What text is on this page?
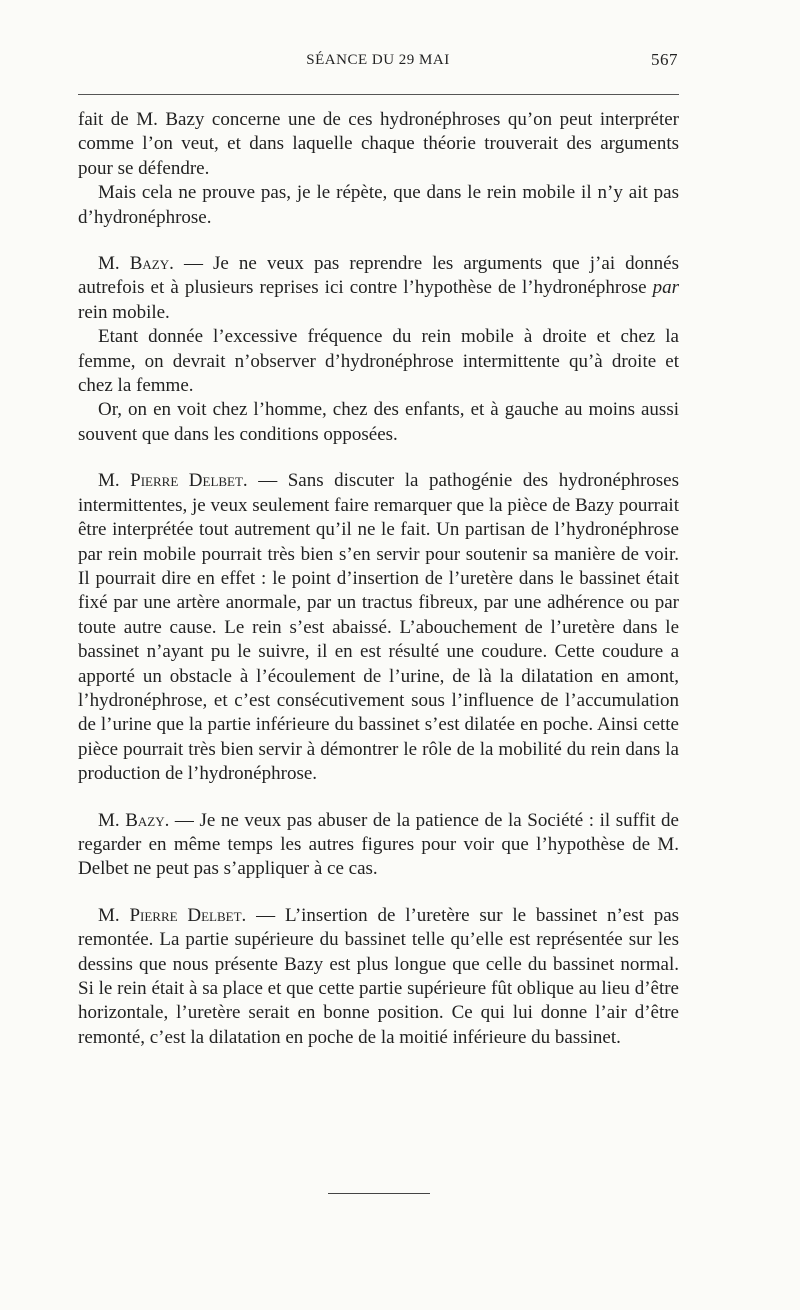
SÉANCE DU 29 MAI	567

fait de M. Bazy concerne une de ces hydronéphroses qu’on peut interpréter comme l’on veut, et dans laquelle chaque théorie trouverait des arguments pour se défendre.

Mais cela ne prouve pas, je le répète, que dans le rein mobile il n’y ait pas d’hydronéphrose.

M. Bazy. — Je ne veux pas reprendre les arguments que j’ai donnés autrefois et à plusieurs reprises ici contre l’hypothèse de l’hydronéphrose par rein mobile.

Etant donnée l’excessive fréquence du rein mobile à droite et chez la femme, on devrait n’observer d’hydronéphrose intermittente qu’à droite et chez la femme.

Or, on en voit chez l’homme, chez des enfants, et à gauche au moins aussi souvent que dans les conditions opposées.

M. Pierre Delbet. — Sans discuter la pathogénie des hydronéphroses intermittentes, je veux seulement faire remarquer que la pièce de Bazy pourrait être interprétée tout autrement qu’il ne le fait. Un partisan de l’hydronéphrose par rein mobile pourrait très bien s’en servir pour soutenir sa manière de voir. Il pourrait dire en effet : le point d’insertion de l’uretère dans le bassinet était fixé par une artère anormale, par un tractus fibreux, par une adhérence ou par toute autre cause. Le rein s’est abaissé. L’abouchement de l’uretère dans le bassinet n’ayant pu le suivre, il en est résulté une coudure. Cette coudure a apporté un obstacle à l’écoulement de l’urine, de là la dilatation en amont, l’hydronéphrose, et c’est consécutivement sous l’influence de l’accumulation de l’urine que la partie inférieure du bassinet s’est dilatée en poche. Ainsi cette pièce pourrait très bien servir à démontrer le rôle de la mobilité du rein dans la production de l’hydronéphrose.

M. Bazy. — Je ne veux pas abuser de la patience de la Société : il suffit de regarder en même temps les autres figures pour voir que l’hypothèse de M. Delbet ne peut pas s’appliquer à ce cas.

M. Pierre Delbet. — L’insertion de l’uretère sur le bassinet n’est pas remontée. La partie supérieure du bassinet telle qu’elle est représentée sur les dessins que nous présente Bazy est plus longue que celle du bassinet normal. Si le rein était à sa place et que cette partie supérieure fût oblique au lieu d’être horizontale, l’uretère serait en bonne position. Ce qui lui donne l’air d’être remonté, c’est la dilatation en poche de la moitié inférieure du bassinet.
